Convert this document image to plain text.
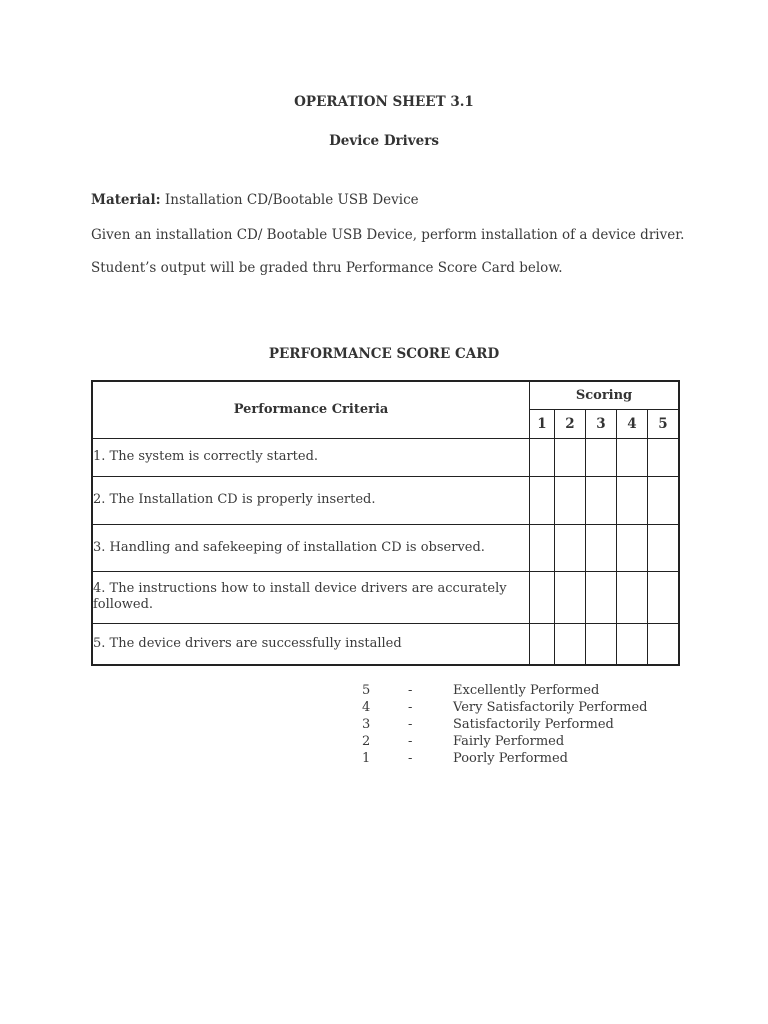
OPERATION SHEET 3.1
Device Drivers
Material: Installation CD/Bootable USB Device
Given an installation CD/ Bootable USB Device, perform installation of a device driver.
Student’s output will be graded thru Performance Score Card below.
PERFORMANCE SCORE CARD
Performance Criteria	Scoring				
	1	2	3	4	5
1. The system is correctly started.					
2. The Installation CD is properly inserted.					
3. Handling and safekeeping of installation CD is observed.					
4. The instructions how to install device drivers are accurately followed.					
5. The device drivers are successfully installed					
5	-	Excellently Performed
4	-	Very Satisfactorily Performed
3	-	Satisfactorily Performed
2	-	Fairly Performed
1	-	Poorly Performed
